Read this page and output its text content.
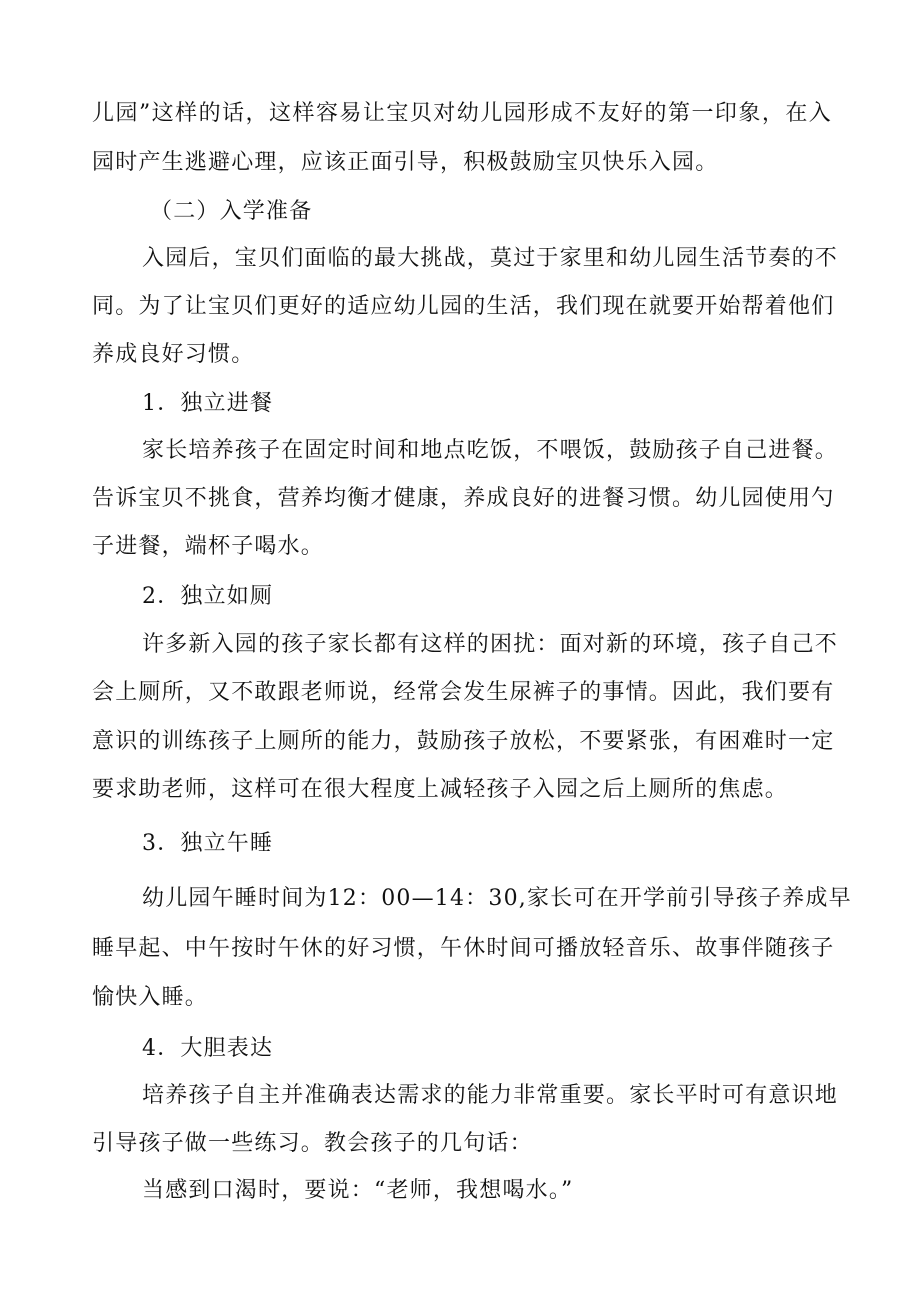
儿园”这样的话，这样容易让宝贝对幼儿园形成不友好的第一印象，在入
园时产生逃避心理，应该正面引导，积极鼓励宝贝快乐入园。
（二）入学准备
入园后，宝贝们面临的最大挑战，莫过于家里和幼儿园生活节奏的不
同。为了让宝贝们更好的适应幼儿园的生活，我们现在就要开始帮着他们
养成良好习惯。
1．独立进餐
家长培养孩子在固定时间和地点吃饭，不喂饭，鼓励孩子自己进餐。
告诉宝贝不挑食，营养均衡才健康，养成良好的进餐习惯。幼儿园使用勺
子进餐，端杯子喝水。
2．独立如厕
许多新入园的孩子家长都有这样的困扰：面对新的环境，孩子自己不
会上厕所，又不敢跟老师说，经常会发生尿裤子的事情。因此，我们要有
意识的训练孩子上厕所的能力，鼓励孩子放松，不要紧张，有困难时一定
要求助老师，这样可在很大程度上减轻孩子入园之后上厕所的焦虑。
3．独立午睡
幼儿园午睡时间为12：00—14：30,家长可在开学前引导孩子养成早
睡早起、中午按时午休的好习惯，午休时间可播放轻音乐、故事伴随孩子
愉快入睡。
4．大胆表达
培养孩子自主并准确表达需求的能力非常重要。家长平时可有意识地
引导孩子做一些练习。教会孩子的几句话：
当感到口渴时，要说：“老师，我想喝水。”
